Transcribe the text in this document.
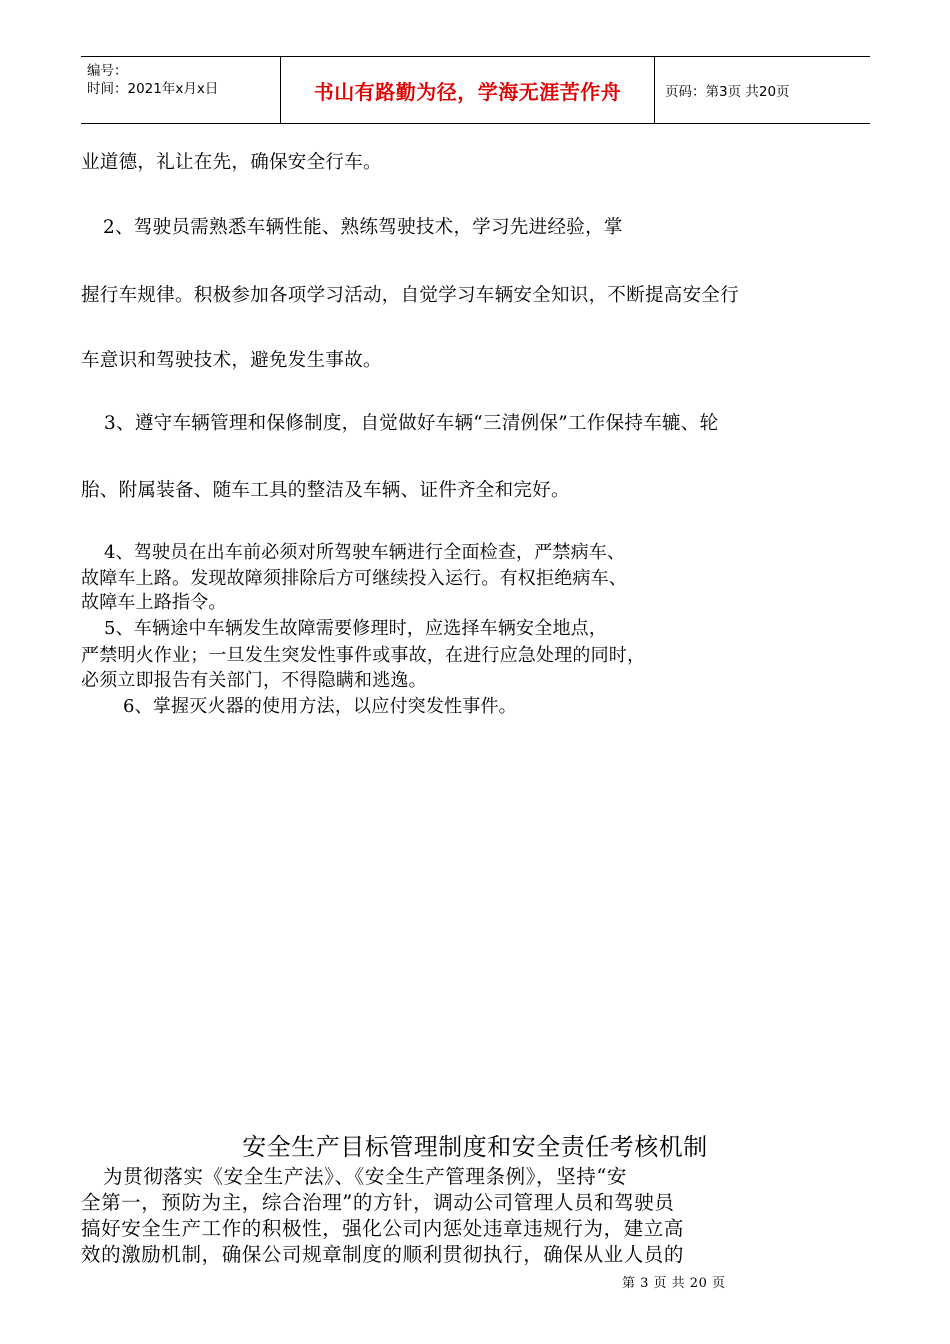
编号：
时间：2021年x月x日	书山有路勤为径，学海无涯苦作舟	页码：第3页 共20页
业道德，礼让在先，确保安全行车。
2、驾驶员需熟悉车辆性能、熟练驾驶技术，学习先进经验，掌
握行车规律。积极参加各项学习活动，自觉学习车辆安全知识，不断提高安全行
车意识和驾驶技术，避免发生事故。
3、遵守车辆管理和保修制度，自觉做好车辆“三清例保”工作保持车辘、轮
胎、附属装备、随车工具的整洁及车辆、证件齐全和完好。
4、驾驶员在出车前必须对所驾驶车辆进行全面检查，严禁病车、
故障车上路。发现故障须排除后方可继续投入运行。有权拒绝病车、
故障车上路指令。
5、车辆途中车辆发生故障需要修理时，应选择车辆安全地点，
严禁明火作业；一旦发生突发性事件或事故，在进行应急处理的同时，
必须立即报告有关部门，不得隐瞒和逃逸。
6、掌握灭火器的使用方法，以应付突发性事件。
安全生产目标管理制度和安全责任考核机制
为贯彻落实《安全生产法》、《安全生产管理条例》，坚持“安
全第一，预防为主，综合治理”的方针，调动公司管理人员和驾驶员
搞好安全生产工作的积极性，强化公司内惩处违章违规行为，建立高
效的激励机制，确保公司规章制度的顺利贯彻执行，确保从业人员的
第 3 页 共 20 页
